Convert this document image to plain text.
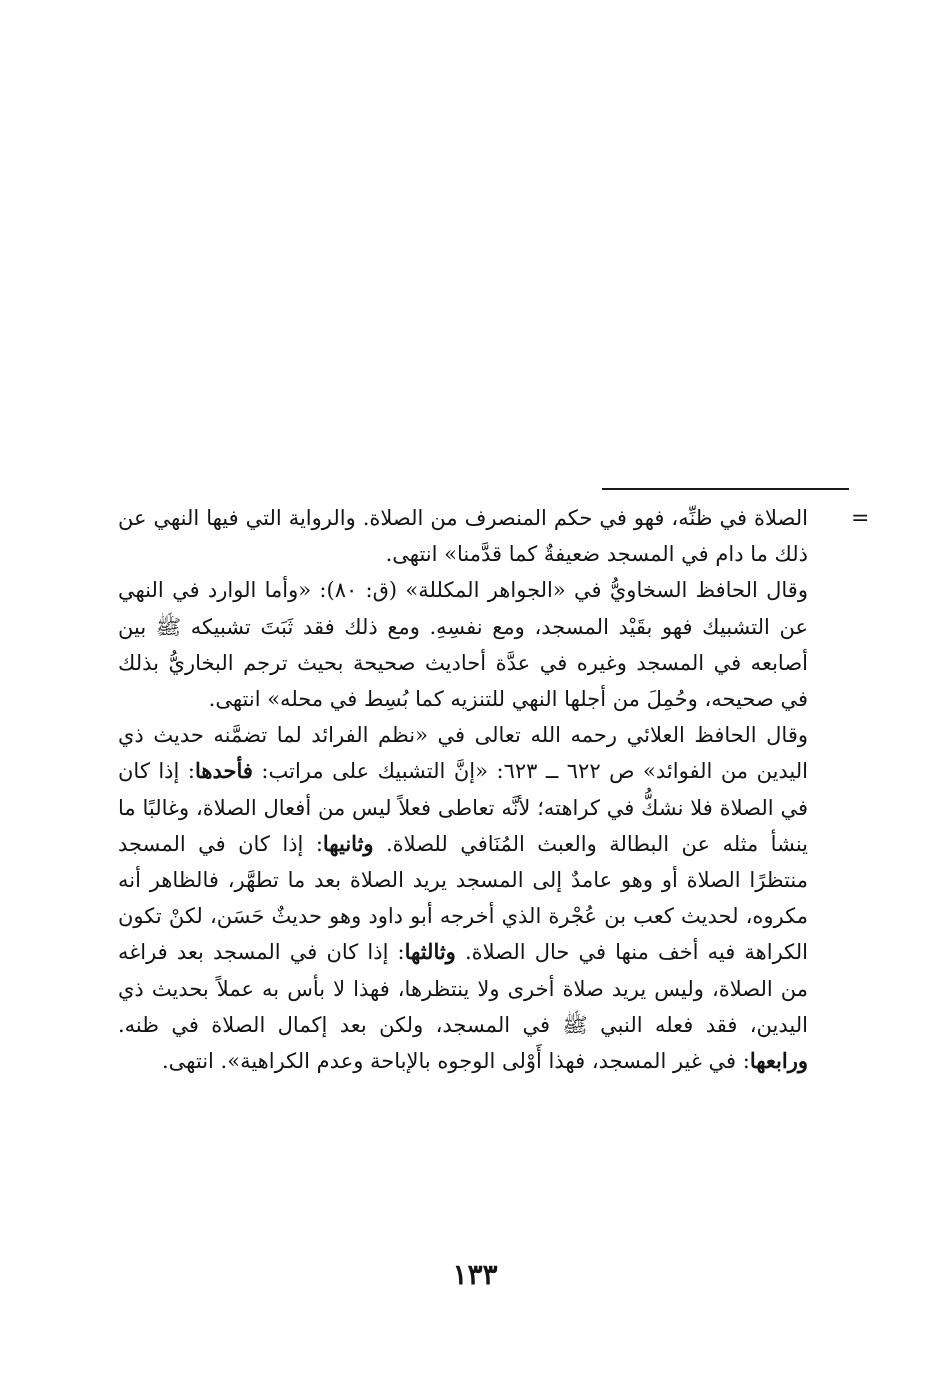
=

الصلاة في ظنِّه، فهو في حكم المنصرف من الصلاة. والرواية التي فيها النهي عن ذلك ما دام في المسجد ضعيفةٌ كما قدَّمنا» انتهى.

وقال الحافظ السخاويُّ في «الجواهر المكللة» (ق: ٨٠): «وأما الوارد في النهي عن التشبيك فهو بقَيْد المسجد، ومع نفسِهِ. ومع ذلك فقد ثَبَتَ تشبيكه ﷺ بين أصابعه في المسجد وغيره في عدَّة أحاديث صحيحة بحيث ترجم البخاريُّ بذلك في صحيحه، وحُمِلَ من أجلها النهي للتنزيه كما بُسِط في محله» انتهى.

وقال الحافظ العلائي رحمه الله تعالى في «نظم الفرائد لما تضمَّنه حديث ذي اليدين من الفوائد» ص ٦٢٢ ــ ٦٢٣: «إنَّ التشبيك على مراتب: فأحدها: إذا كان في الصلاة فلا نشكُّ في كراهته؛ لأنَّه تعاطى فعلاً ليس من أفعال الصلاة، وغالبًا ما ينشأ مثله عن البطالة والعبث المُنَافي للصلاة. وثانيها: إذا كان في المسجد منتظرًا الصلاة أو وهو عامدٌ إلى المسجد يريد الصلاة بعد ما تطهَّر، فالظاهر أنه مكروه، لحديث كعب بن عُجْرة الذي أخرجه أبو داود وهو حديثٌ حَسَن، لكنْ تكون الكراهة فيه أخف منها في حال الصلاة. وثالثها: إذا كان في المسجد بعد فراغه من الصلاة، وليس يريد صلاة أخرى ولا ينتظرها، فهذا لا بأس به عملاً بحديث ذي اليدين، فقد فعله النبي ﷺ في المسجد، ولكن بعد إكمال الصلاة في ظنه. ورابعها: في غير المسجد، فهذا أَوْلى الوجوه بالإباحة وعدم الكراهية». انتهى.

١٣٣
